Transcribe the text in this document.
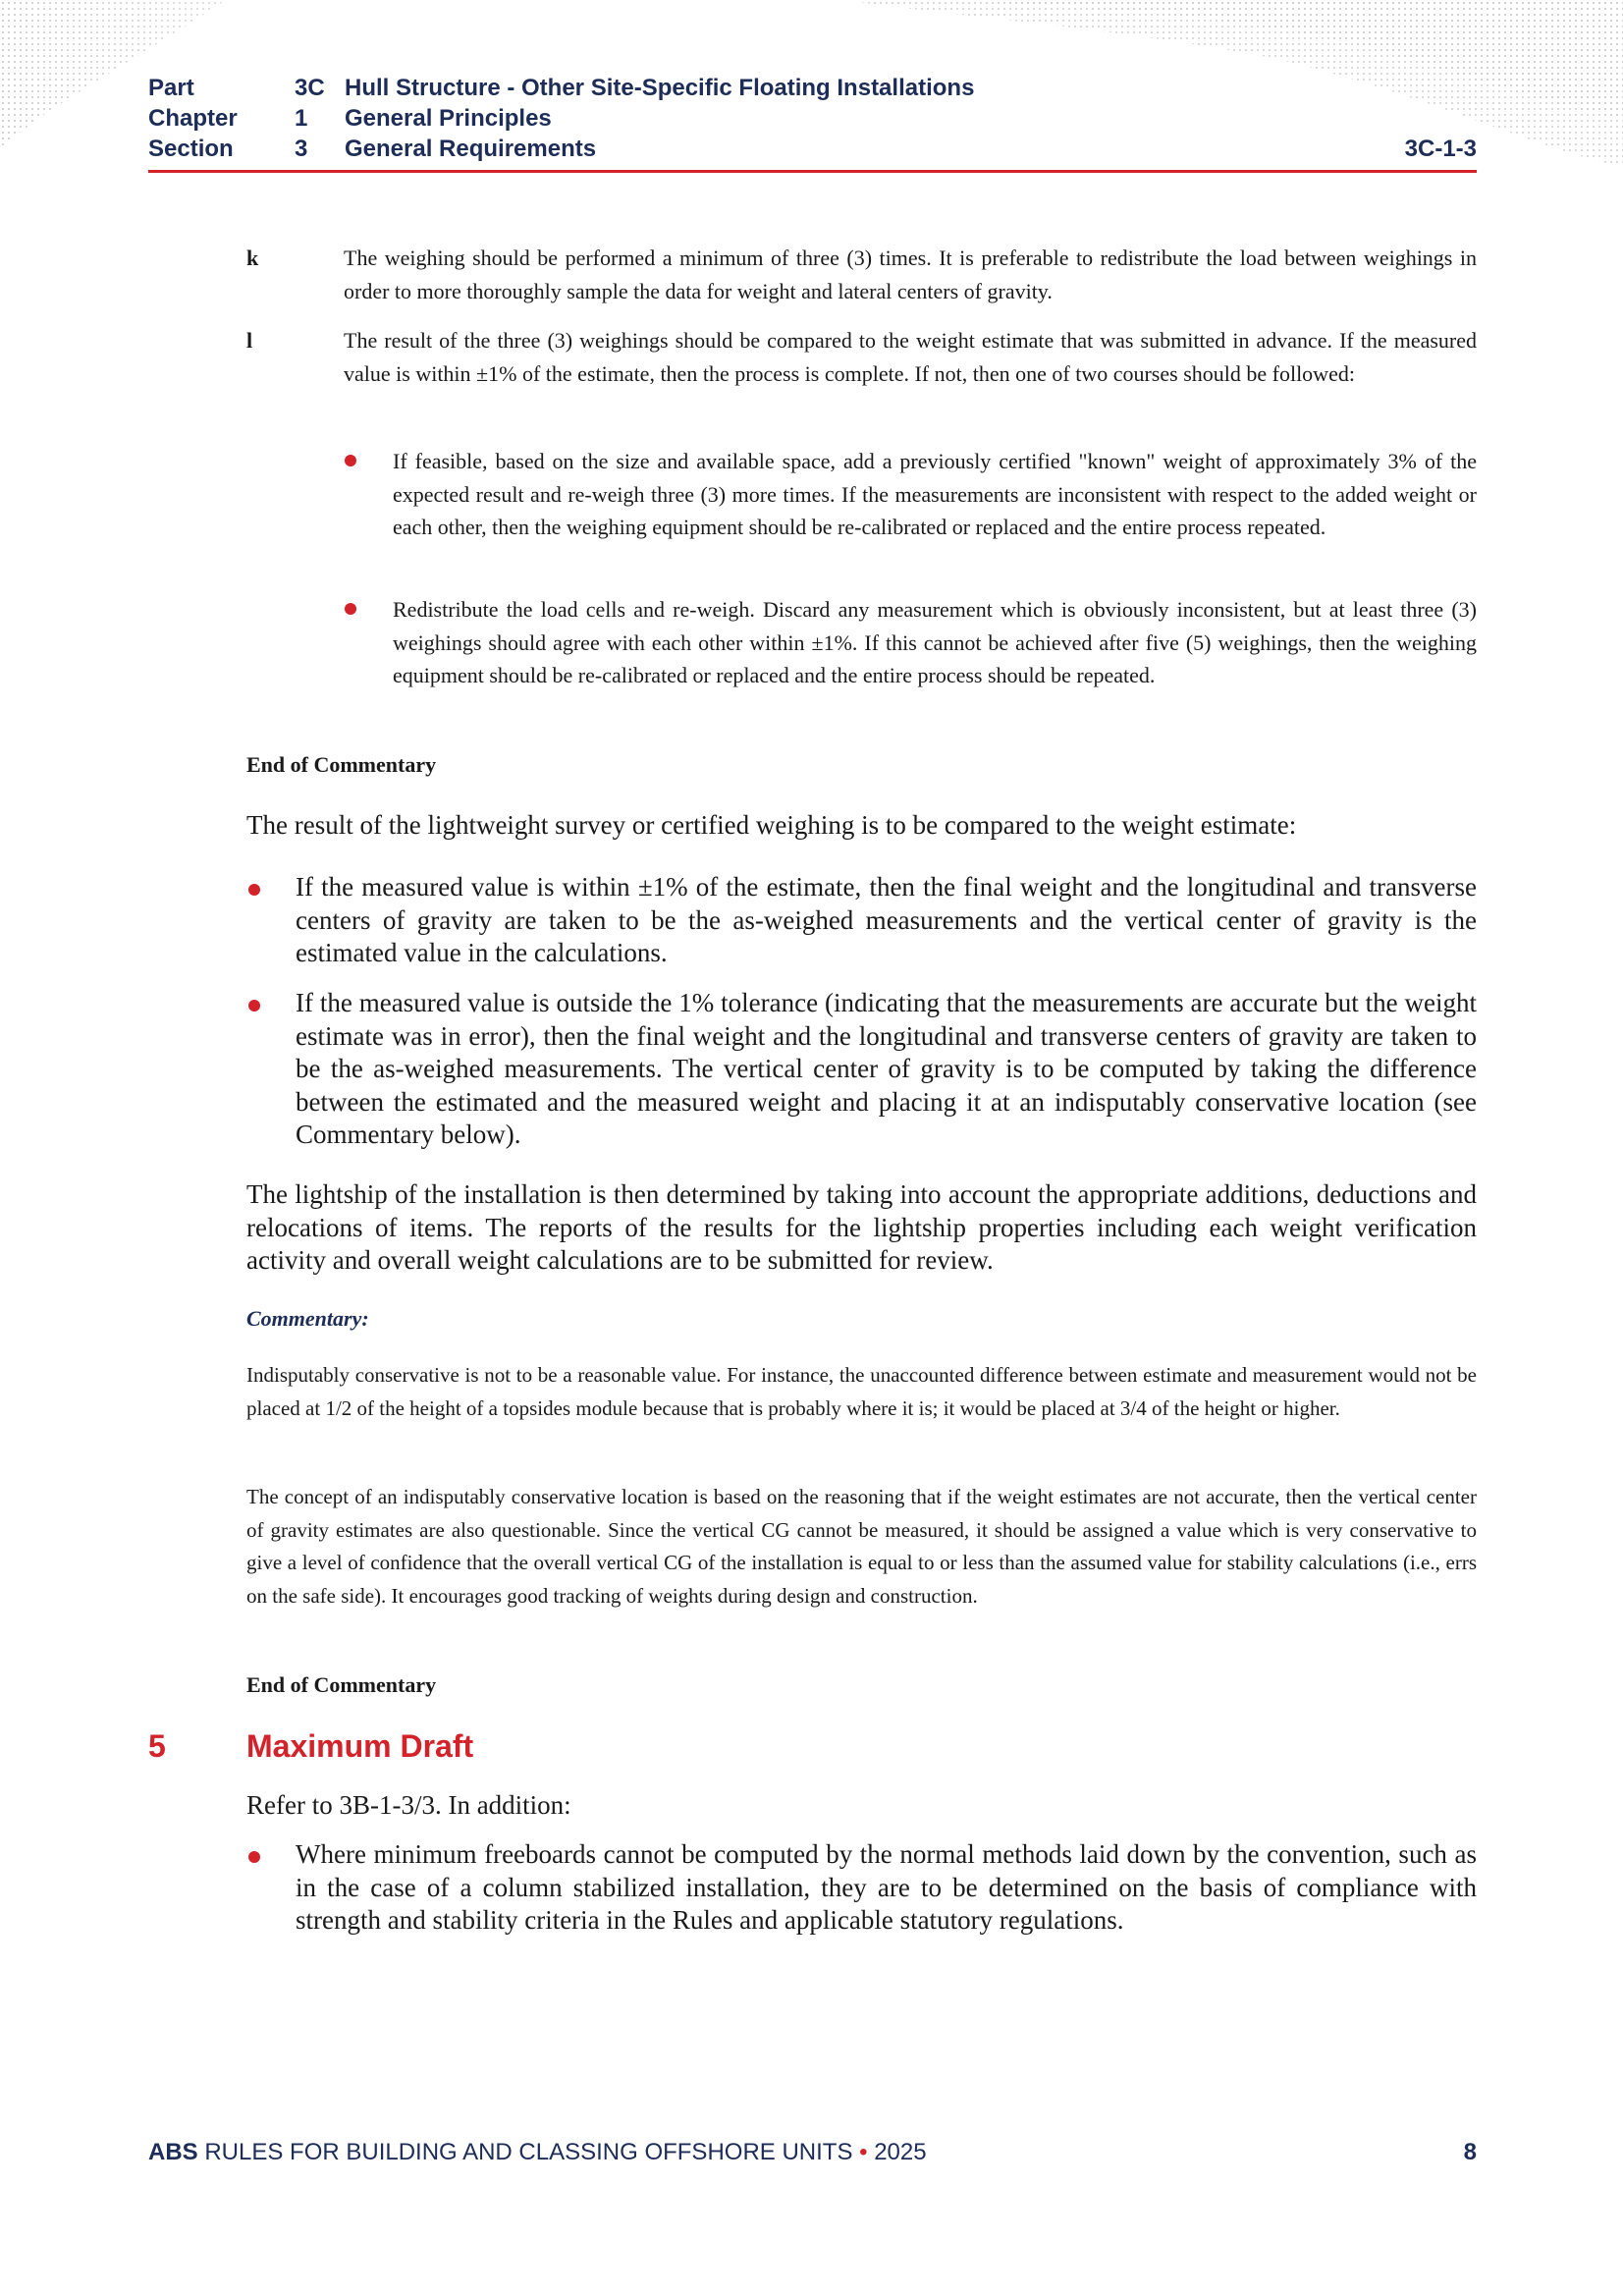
Part	3C Hull Structure - Other Site-Specific Floating Installations
Chapter 1 General Principles
Section	3 General Requirements	3C-1-3
k	The weighing should be performed a minimum of three (3) times. It is preferable to redistribute the load between weighings in order to more thoroughly sample the data for weight and lateral centers of gravity.
l	The result of the three (3) weighings should be compared to the weight estimate that was submitted in advance. If the measured value is within ±1% of the estimate, then the process is complete. If not, then one of two courses should be followed:
If feasible, based on the size and available space, add a previously certified "known" weight of approximately 3% of the expected result and re-weigh three (3) more times. If the measurements are inconsistent with respect to the added weight or each other, then the weighing equipment should be re-calibrated or replaced and the entire process repeated.
Redistribute the load cells and re-weigh. Discard any measurement which is obviously inconsistent, but at least three (3) weighings should agree with each other within ±1%. If this cannot be achieved after five (5) weighings, then the weighing equipment should be re-calibrated or replaced and the entire process should be repeated.
End of Commentary
The result of the lightweight survey or certified weighing is to be compared to the weight estimate:
If the measured value is within ±1% of the estimate, then the final weight and the longitudinal and transverse centers of gravity are taken to be the as-weighed measurements and the vertical center of gravity is the estimated value in the calculations.
If the measured value is outside the 1% tolerance (indicating that the measurements are accurate but the weight estimate was in error), then the final weight and the longitudinal and transverse centers of gravity are taken to be the as-weighed measurements. The vertical center of gravity is to be computed by taking the difference between the estimated and the measured weight and placing it at an indisputably conservative location (see Commentary below).
The lightship of the installation is then determined by taking into account the appropriate additions, deductions and relocations of items. The reports of the results for the lightship properties including each weight verification activity and overall weight calculations are to be submitted for review.
Commentary:
Indisputably conservative is not to be a reasonable value. For instance, the unaccounted difference between estimate and measurement would not be placed at 1/2 of the height of a topsides module because that is probably where it is; it would be placed at 3/4 of the height or higher.
The concept of an indisputably conservative location is based on the reasoning that if the weight estimates are not accurate, then the vertical center of gravity estimates are also questionable. Since the vertical CG cannot be measured, it should be assigned a value which is very conservative to give a level of confidence that the overall vertical CG of the installation is equal to or less than the assumed value for stability calculations (i.e., errs on the safe side). It encourages good tracking of weights during design and construction.
End of Commentary
5	Maximum Draft
Refer to 3B-1-3/3. In addition:
Where minimum freeboards cannot be computed by the normal methods laid down by the convention, such as in the case of a column stabilized installation, they are to be determined on the basis of compliance with strength and stability criteria in the Rules and applicable statutory regulations.
ABS RULES FOR BUILDING AND CLASSING OFFSHORE UNITS • 2025	8
